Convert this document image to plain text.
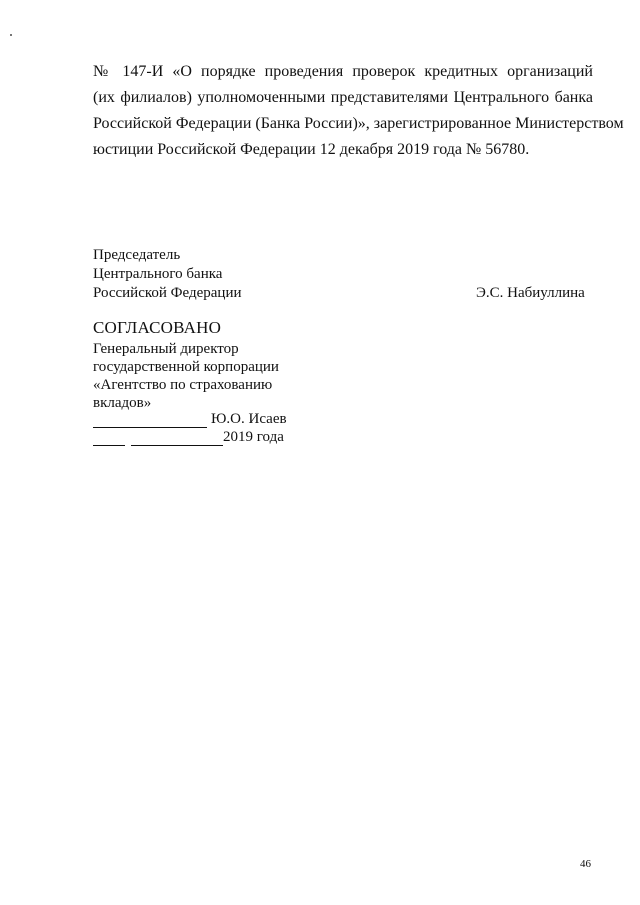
№ 147-И «О порядке проведения проверок кредитных организаций
(их филиалов) уполномоченными представителями Центрального банка
Российской Федерации (Банка России)», зарегистрированное Министерством
юстиции Российской Федерации 12 декабря 2019 года № 56780.
Председатель
Центрального банка
Российской Федерации	Э.С. Набиуллина
СОГЛАСОВАНО
Генеральный директор
государственной корпорации
«Агентство по страхованию
вкладов»
Ю.О. Исаев
2019 года
46
